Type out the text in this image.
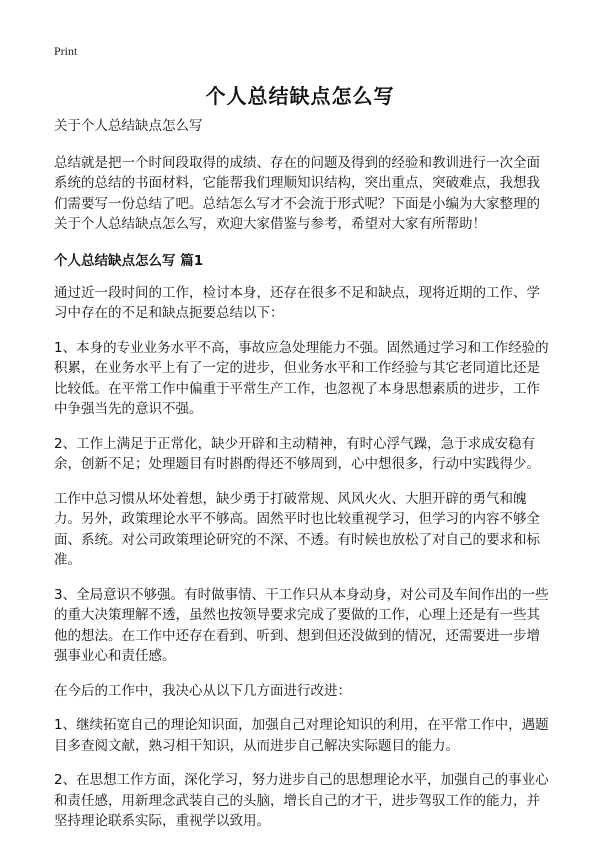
Print
个人总结缺点怎么写

关于个人总结缺点怎么写

总结就是把一个时间段取得的成绩、存在的问题及得到的经验和教训进行一次全面系统的总结的书面材料，它能帮我们理顺知识结构，突出重点，突破难点，我想我们需要写一份总结了吧。总结怎么写才不会流于形式呢？下面是小编为大家整理的关于个人总结缺点怎么写，欢迎大家借鉴与参考，希望对大家有所帮助！

个人总结缺点怎么写 篇1

通过近一段时间的工作，检讨本身，还存在很多不足和缺点，现将近期的工作、学习中存在的不足和缺点扼要总结以下：

1、本身的专业业务水平不高，事故应急处理能力不强。固然通过学习和工作经验的积累，在业务水平上有了一定的进步，但业务水平和工作经验与其它老同道比还是比较低。在平常工作中偏重于平常生产工作，也忽视了本身思想素质的进步，工作中争强当先的意识不强。

2、工作上满足于正常化，缺少开辟和主动精神，有时心浮气躁，急于求成安稳有余，创新不足；处理题目有时斟酌得还不够周到，心中想很多，行动中实践得少。

工作中总习惯从坏处着想，缺少勇于打破常规、风风火火、大胆开辟的勇气和魄力。另外，政策理论水平不够高。固然平时也比较重视学习，但学习的内容不够全面、系统。对公司政策理论研究的不深、不透。有时候也放松了对自己的要求和标准。

3、全局意识不够强。有时做事情、干工作只从本身动身，对公司及车间作出的一些的重大决策理解不透，虽然也按领导要求完成了要做的工作，心理上还是有一些其他的想法。在工作中还存在看到、听到、想到但还没做到的情况，还需要进一步增强事业心和责任感。

在今后的工作中，我决心从以下几方面进行改进：

1、继续拓宽自己的理论知识面，加强自己对理论知识的利用，在平常工作中，遇题目多查阅文献，熟习相干知识，从而进步自己解决实际题目的能力。

2、在思想工作方面，深化学习，努力进步自己的思想理论水平，加强自己的事业心和责任感，用新理念武装自己的头脑，增长自己的才干，进步驾驭工作的能力，并坚持理论联系实际，重视学以致用。
